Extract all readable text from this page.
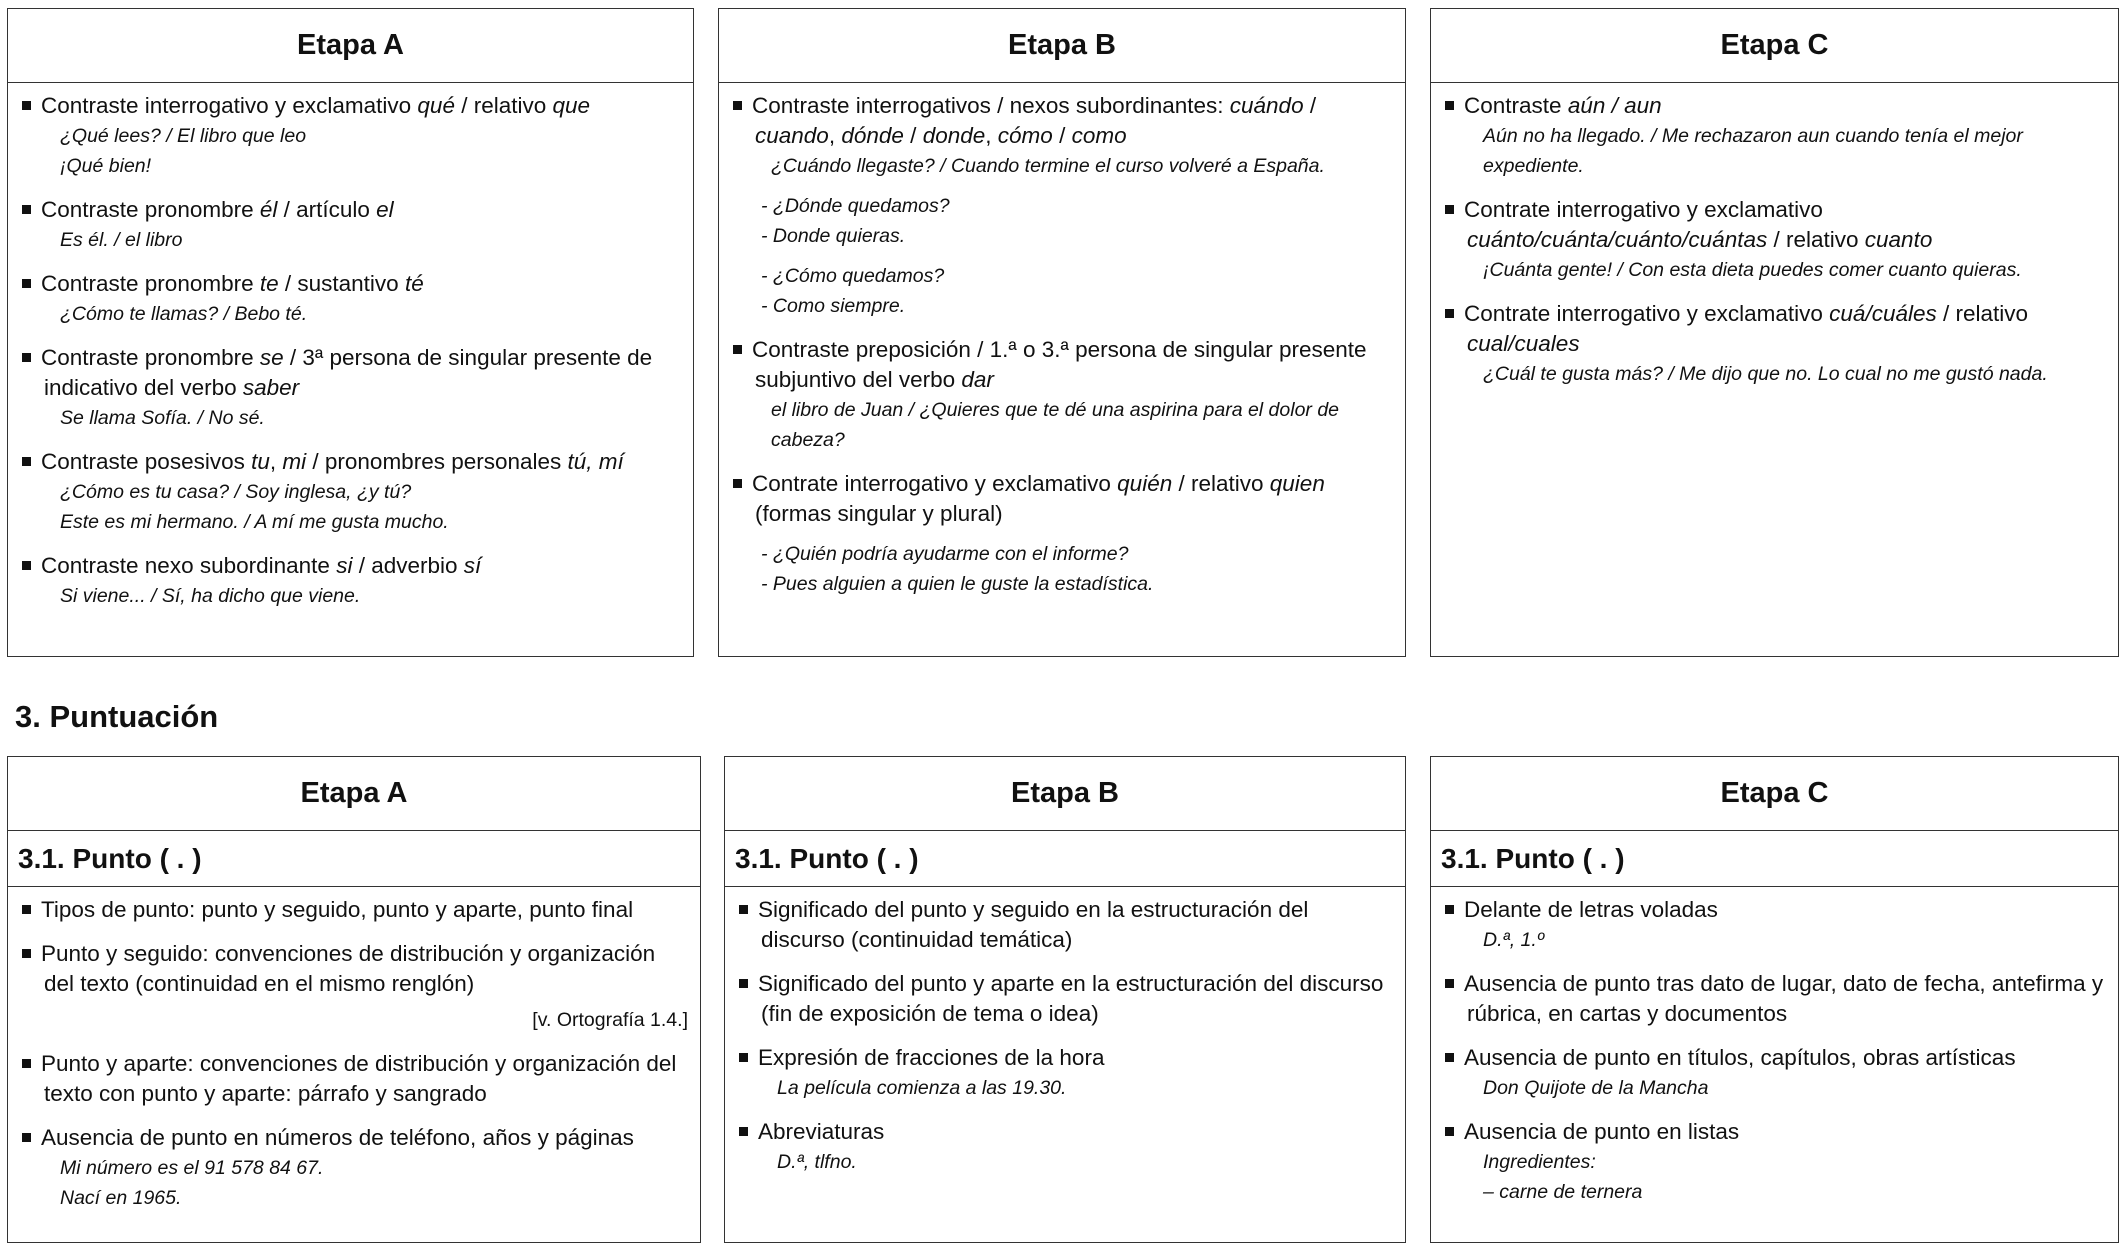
Etapa A
Contraste interrogativo y exclamativo qué / relativo que
¿Qué lees? / El libro que leo
¡Qué bien!
Contraste pronombre él / artículo el
Es él. / el libro
Contraste pronombre te / sustantivo té
¿Cómo te llamas? / Bebo té.
Contraste pronombre se / 3ª persona de singular presente de indicativo del verbo saber
Se llama Sofía. / No sé.
Contraste posesivos tu, mi / pronombres personales tú, mí
¿Cómo es tu casa? / Soy inglesa, ¿y tú?
Este es mi hermano. / A mí me gusta mucho.
Contraste nexo subordinante si / adverbio sí
Si viene... / Sí, ha dicho que viene.
Etapa B
Contraste interrogativos / nexos subordinantes: cuándo / cuando, dónde / donde, cómo / como
¿Cuándo llegaste? / Cuando termine el curso volveré a España.
- ¿Dónde quedamos?
- Donde quieras.
- ¿Cómo quedamos?
- Como siempre.
Contraste preposición / 1.ª o 3.ª persona de singular presente subjuntivo del verbo dar
el libro de Juan / ¿Quieres que te dé una aspirina para el dolor de cabeza?
Contrate interrogativo y exclamativo quién / relativo quien (formas singular y plural)
- ¿Quién podría ayudarme con el informe?
- Pues alguien a quien le guste la estadística.
Etapa C
Contraste aún / aun
Aún no ha llegado. / Me rechazaron aun cuando tenía el mejor expediente.
Contrate interrogativo y exclamativo cuánto/cuánta/cuánto/cuántas / relativo cuanto
¡Cuánta gente! / Con esta dieta puedes comer cuanto quieras.
Contrate interrogativo y exclamativo cuá/cuáles / relativo cual/cuales
¿Cuál te gusta más? / Me dijo que no. Lo cual no me gustó nada.
3. Puntuación
Etapa A
3.1. Punto ( . )
Tipos de punto: punto y seguido, punto y aparte, punto final
Punto y seguido: convenciones de distribución y organización del texto (continuidad en el mismo renglón)
[v. Ortografía 1.4.]
Punto y aparte: convenciones de distribución y organización del texto con punto y aparte: párrafo y sangrado
Ausencia de punto en números de teléfono, años y páginas
Mi número es el 91 578 84 67.
Nací en 1965.
Etapa B
3.1. Punto ( . )
Significado del punto y seguido en la estructuración del discurso (continuidad temática)
Significado del punto y aparte en la estructuración del discurso (fin de exposición de tema o idea)
Expresión de fracciones de la hora
La película comienza a las 19.30.
Abreviaturas
D.ª, tlfno.
Etapa C
3.1. Punto ( . )
Delante de letras voladas
D.ª, 1.º
Ausencia de punto tras dato de lugar, dato de fecha, antefirma y rúbrica, en cartas y documentos
Ausencia de punto en títulos, capítulos, obras artísticas
Don Quijote de la Mancha
Ausencia de punto en listas
Ingredientes:
– carne de ternera
